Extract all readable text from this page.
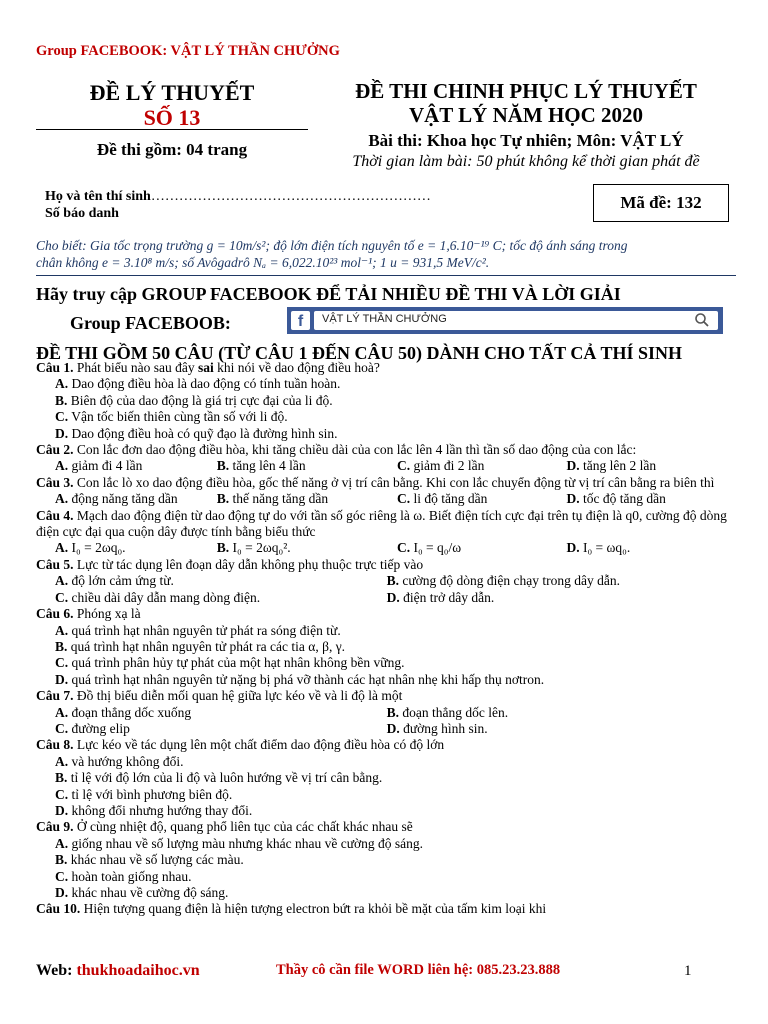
Group FACEBOOK: VẬT LÝ THẦN CHƯỞNG
ĐỀ LÝ THUYẾT
SỐ 13
Đề thi gồm: 04 trang
ĐỀ THI CHINH PHỤC LÝ THUYẾT
VẬT LÝ NĂM HỌC 2020
Bài thi: Khoa học Tự nhiên; Môn: VẬT LÝ
Thời gian làm bài: 50 phút không kể thời gian phát đề
Họ và tên thí sinh……………………………………………………
Số báo danh
Mã đề: 132
Cho biết: Gia tốc trọng trường g = 10m/s²; độ lớn điện tích nguyên tố e = 1,6.10⁻¹⁹ C; tốc độ ánh sáng trong
chân không e = 3.10⁸ m/s; số Avôgadrô Nₐ = 6,022.10²³ mol⁻¹; 1 u = 931,5 MeV/c².
Hãy truy cập GROUP FACEBOOK ĐỂ TẢI NHIỀU ĐỀ THI VÀ LỜI GIẢI
Group FACEBOOB:	f	VẬT LÝ THẦN CHƯỞNG
ĐỀ THI GỒM 50 CÂU (TỪ CÂU 1 ĐẾN CÂU 50) DÀNH CHO TẤT CẢ THÍ SINH
Câu 1. Phát biểu nào sau đây sai khi nói về dao động điều hoà?
A. Dao động điều hòa là dao động có tính tuần hoàn.
B. Biên độ của dao động là giá trị cực đại của li độ.
C. Vận tốc biến thiên cùng tần số với li độ.
D. Dao động điều hoà có quỹ đạo là đường hình sin.
Câu 2. Con lắc đơn dao động điều hòa, khi tăng chiều dài của con lắc lên 4 lần thì tần số dao động của con lắc:
A. giảm đi 4 lần	B. tăng lên 4 lần	C. giảm đi 2 lần	D. tăng lên 2 lần
Câu 3. Con lắc lò xo dao động điều hòa, gốc thế năng ở vị trí cân bằng. Khi con lắc chuyển động từ vị trí cân bằng ra biên thì
A. động năng tăng dần	B. thế năng tăng dần	C. li độ tăng dần	D. tốc độ tăng dần
Câu 4. Mạch dao động điện từ dao động tự do với tần số góc riêng là ω. Biết điện tích cực đại trên tụ điện là q0, cường độ dòng điện cực đại qua cuộn dây được tính bằng biểu thức
A. I₀ = 2ωq₀.	B. I₀ = 2ωq₀².	C. I₀ = q₀/ω	D. I₀ = ωq₀.
Câu 5. Lực từ tác dụng lên đoạn dây dẫn không phụ thuộc trực tiếp vào
A. độ lớn cảm ứng từ.	B. cường độ dòng điện chạy trong dây dẫn.
C. chiều dài dây dẫn mang dòng điện.	D. điện trở dây dẫn.
Câu 6. Phóng xạ là
A. quá trình hạt nhân nguyên tử phát ra sóng điện từ.
B. quá trình hạt nhân nguyên tử phát ra các tia α, β, γ.
C. quá trình phân hủy tự phát của một hạt nhân không bền vững.
D. quá trình hạt nhân nguyên tử nặng bị phá vỡ thành các hạt nhân nhẹ khi hấp thụ nơtron.
Câu 7. Đồ thị biểu diễn mối quan hệ giữa lực kéo về và li độ là một
A. đoạn thẳng dốc xuống	B. đoạn thẳng dốc lên.
C. đường elip	D. đường hình sin.
Câu 8. Lực kéo về tác dụng lên một chất điểm dao động điều hòa có độ lớn
A. và hướng không đổi.
B. tỉ lệ với độ lớn của li độ và luôn hướng về vị trí cân bằng.
C. tỉ lệ với bình phương biên độ.
D. không đổi nhưng hướng thay đổi.
Câu 9. Ở cùng nhiệt độ, quang phổ liên tục của các chất khác nhau sẽ
A. giống nhau về số lượng màu nhưng khác nhau về cường độ sáng.
B. khác nhau về số lượng các màu.
C. hoàn toàn giống nhau.
D. khác nhau về cường độ sáng.
Câu 10. Hiện tượng quang điện là hiện tượng electron bứt ra khỏi bề mặt của tấm kim loại khi
Web: thukhoadaihoc.vn	Thầy cô cần file WORD liên hệ: 085.23.23.888	1
